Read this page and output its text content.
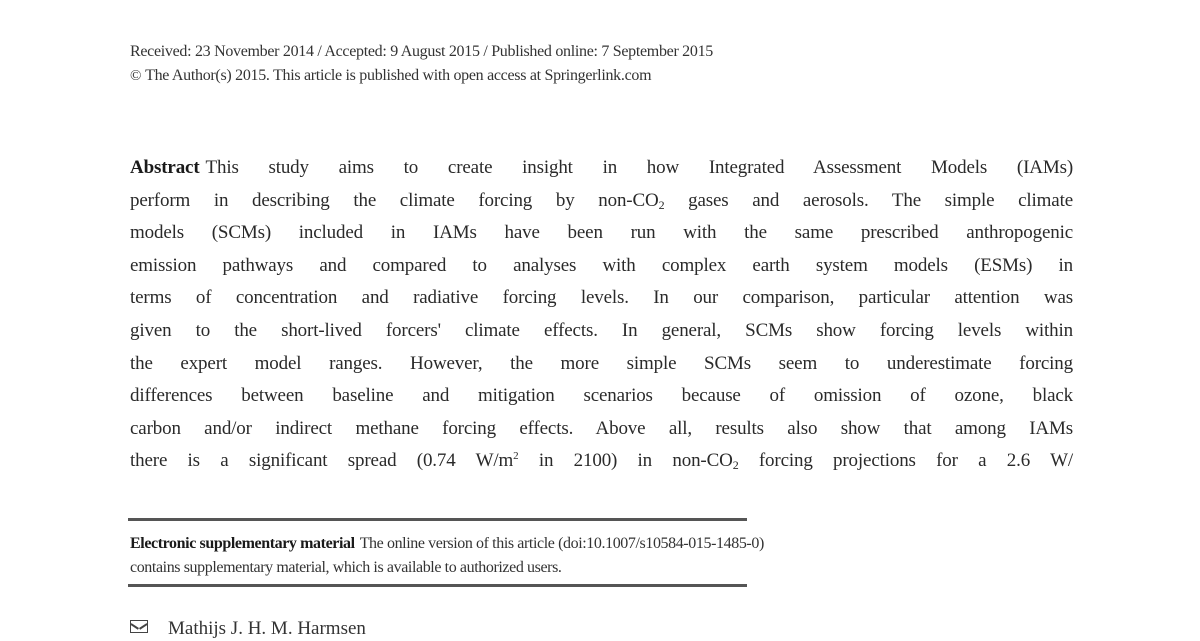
Received: 23 November 2014 / Accepted: 9 August 2015 / Published online: 7 September 2015
© The Author(s) 2015. This article is published with open access at Springerlink.com
Abstract This study aims to create insight in how Integrated Assessment Models (IAMs)
perform in describing the climate forcing by non-$CO_2$ gases and aerosols. The simple climate
models (SCMs) included in IAMs have been run with the same prescribed anthropogenic
emission pathways and compared to analyses with complex earth system models (ESMs) in
terms of concentration and radiative forcing levels. In our comparison, particular attention was
given to the short-lived forcers' climate effects. In general, SCMs show forcing levels within
the expert model ranges. However, the more simple SCMs seem to underestimate forcing
differences between baseline and mitigation scenarios because of omission of ozone, black
carbon and/or indirect methane forcing effects. Above all, results also show that among IAMs
there is a significant spread (0.74 $W/m^2$ in 2100) in non-$CO_2$ forcing projections for a 2.6 W/
Electronic supplementary material The online version of this article (doi:10.1007/s10584-015-1485-0)
contains supplementary material, which is available to authorized users.
Mathijs J. H. M. Harmsen
